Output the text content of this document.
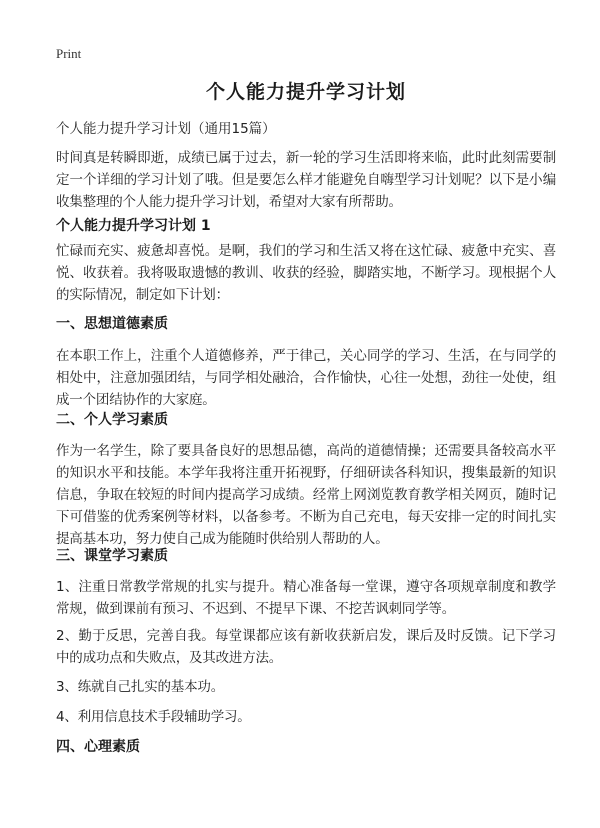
Print
个人能力提升学习计划
个人能力提升学习计划（通用15篇）
时间真是转瞬即逝，成绩已属于过去，新一轮的学习生活即将来临，此时此刻需要制定一个详细的学习计划了哦。但是要怎么样才能避免自嗨型学习计划呢？以下是小编收集整理的个人能力提升学习计划，希望对大家有所帮助。
个人能力提升学习计划 1
忙碌而充实、疲惫却喜悦。是啊，我们的学习和生活又将在这忙碌、疲惫中充实、喜悦、收获着。我将吸取遗憾的教训、收获的经验，脚踏实地，不断学习。现根据个人的实际情况，制定如下计划：
一、思想道德素质
在本职工作上，注重个人道德修养，严于律己，关心同学的学习、生活，在与同学的相处中，注意加强团结，与同学相处融洽，合作愉快，心往一处想，劲往一处使，组成一个团结协作的大家庭。
二、个人学习素质
作为一名学生，除了要具备良好的思想品德，高尚的道德情操；还需要具备较高水平的知识水平和技能。本学年我将注重开拓视野，仔细研读各科知识，搜集最新的知识信息，争取在较短的时间内提高学习成绩。经常上网浏览教育教学相关网页，随时记下可借鉴的优秀案例等材料，以备参考。不断为自己充电，每天安排一定的时间扎实提高基本功，努力使自己成为能随时供给别人帮助的人。
三、课堂学习素质
1、注重日常教学常规的扎实与提升。精心准备每一堂课，遵守各项规章制度和教学常规，做到课前有预习、不迟到、不提早下课、不挖苦讽刺同学等。
2、勤于反思，完善自我。每堂课都应该有新收获新启发，课后及时反馈。记下学习中的成功点和失败点，及其改进方法。
3、练就自己扎实的基本功。
4、利用信息技术手段辅助学习。
四、心理素质
